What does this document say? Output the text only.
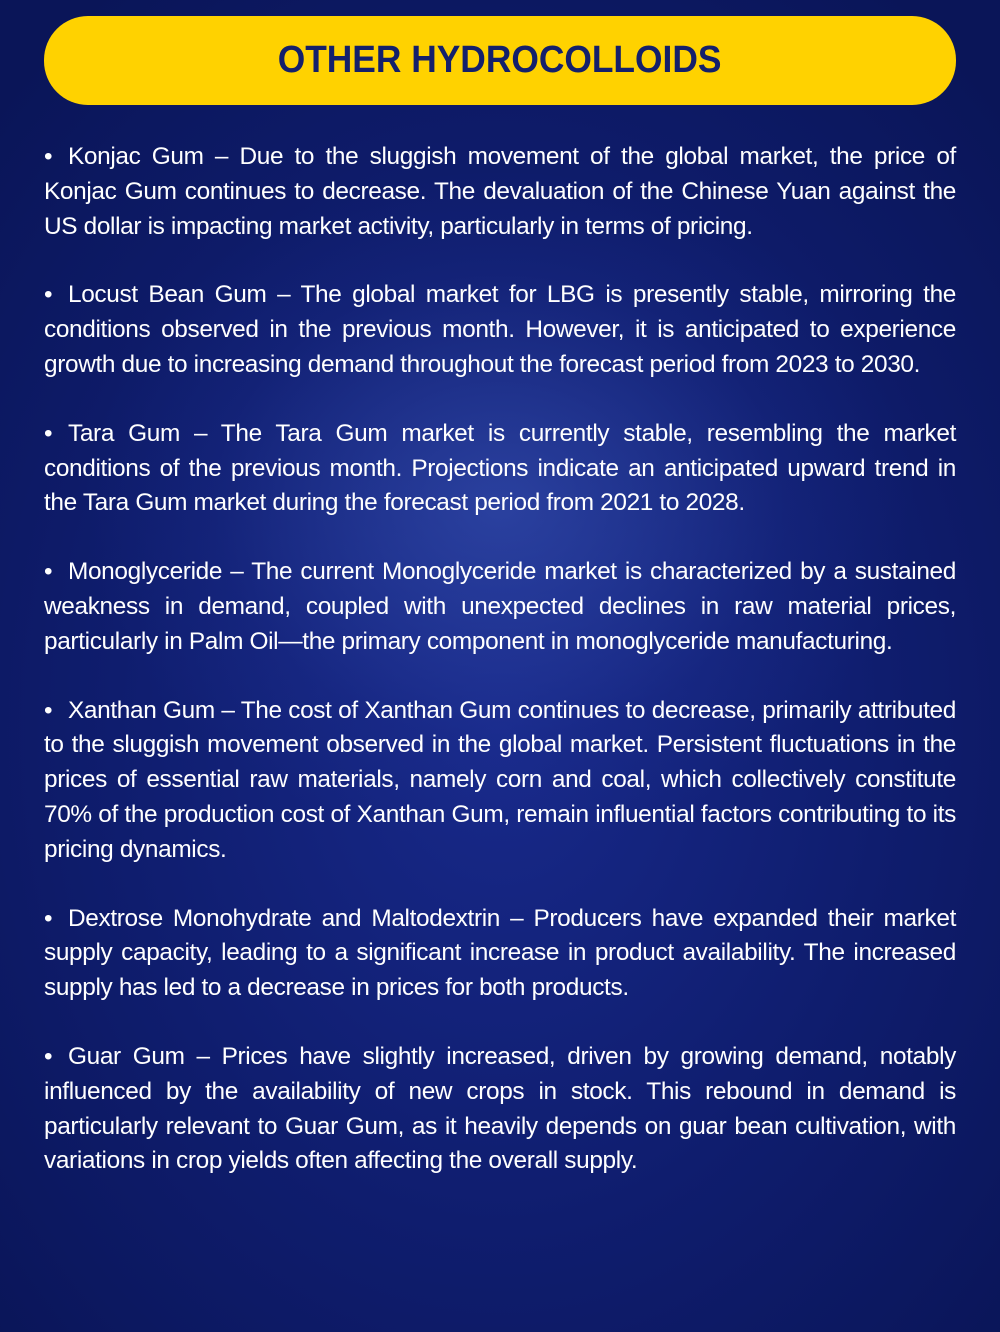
OTHER HYDROCOLLOIDS

• Konjac Gum – Due to the sluggish movement of the global market, the price of Konjac Gum continues to decrease. The devaluation of the Chinese Yuan against the US dollar is impacting market activity, particularly in terms of pricing.

• Locust Bean Gum – The global market for LBG is presently stable, mirroring the conditions observed in the previous month. However, it is anticipated to experience growth due to increasing demand throughout the forecast period from 2023 to 2030.

• Tara Gum – The Tara Gum market is currently stable, resembling the market conditions of the previous month. Projections indicate an anticipated upward trend in the Tara Gum market during the forecast period from 2021 to 2028.

• Monoglyceride – The current Monoglyceride market is characterized by a sustained weakness in demand, coupled with unexpected declines in raw material prices, particularly in Palm Oil—the primary component in monoglyceride manufacturing.

• Xanthan Gum – The cost of Xanthan Gum continues to decrease, primarily attributed to the sluggish movement observed in the global market. Persistent fluctuations in the prices of essential raw materials, namely corn and coal, which collectively constitute 70% of the production cost of Xanthan Gum, remain influential factors contributing to its pricing dynamics.

• Dextrose Monohydrate and Maltodextrin – Producers have expanded their market supply capacity, leading to a significant increase in product availability. The increased supply has led to a decrease in prices for both products.

• Guar Gum – Prices have slightly increased, driven by growing demand, notably influenced by the availability of new crops in stock. This rebound in demand is particularly relevant to Guar Gum, as it heavily depends on guar bean cultivation, with variations in crop yields often affecting the overall supply.
